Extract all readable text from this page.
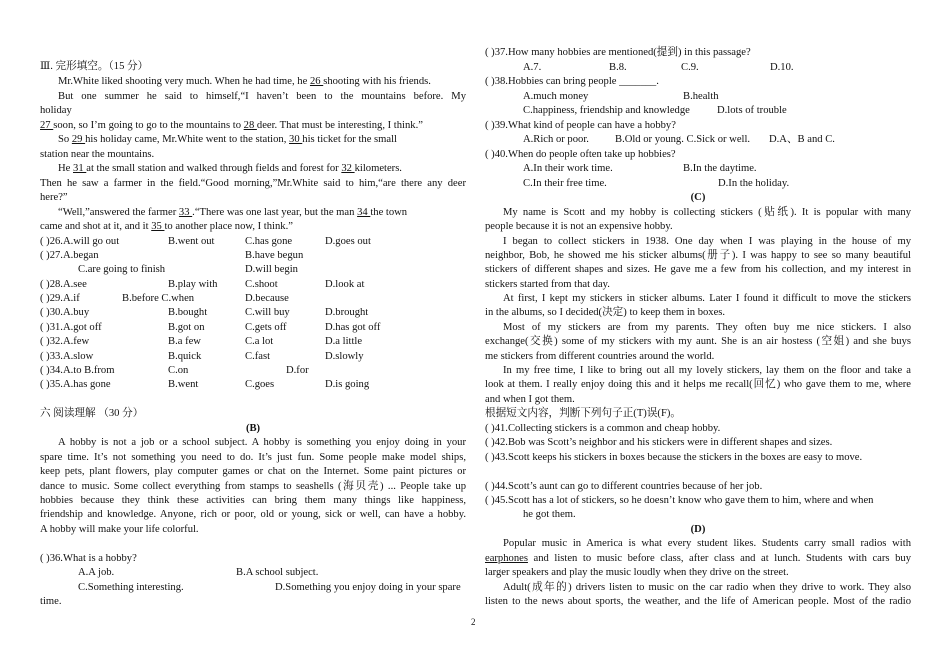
Ⅲ. 完形填空。（15 分）
Mr.White liked shooting very much. When he had time, he 26 shooting with his friends.
But one summer he said to himself,“I haven’t been to the mountains before. My
holiday
27 soon, so I’m going to go to the mountains to 28 deer. That must be interesting, I think.”
So 29 his holiday came, Mr.White went to the station, 30 his ticket for the small
station near the mountains.
He 31 at the small station and walked through fields and forest for 32 kilometers.
Then he saw a farmer in the field.“Good morning,”Mr.White said to him,“are there any deer
here?”
“Well,”answered the farmer 33 .“There was one last year, but the man 34 the town
came and shot at it, and it 35 to another place now, I think.”
( )26.A.will go out	B.went out	C.has gone	D.goes out
( )27.A.began	B.have begun
C.are going to finish	D.will begin
( )28.A.see	B.play with	C.shoot	D.look at
( )29.A.if	B.before C.when	D.because
( )30.A.buy	B.bought	C.will buy	D.brought
( )31.A.got off	B.got on	C.gets off	D.has got off
( )32.A.few	B.a few	C.a lot	D.a little
( )33.A.slow	B.quick	C.fast	D.slowly
( )34.A.to B.from	C.on	D.for
( )35.A.has gone	B.went	C.goes	D.is going
六 阅读理解 （30 分）
(B)
A hobby is not a job or a school subject. A hobby is something you enjoy doing in your
spare time. It’s not something you need to do. It’s just fun. Some people make model ships,
keep pets, plant flowers, play computer games or chat on the Internet. Some paint pictures or
dance to music. Some collect everything from stamps to seashells (海贝壳) ... People take up
hobbies because they think these activities can bring them many things like happiness,
friendship and knowledge. Anyone, rich or poor, old or young, sick or well, can have a hobby.
A hobby will make your life colorful.
( )36.What is a hobby?
A.A job.	B.A school subject.
C.Something interesting.	D.Something you enjoy doing in your spare
time.
( )37.How many hobbies are mentioned(提到) in this passage?
A.7.	B.8.	C.9.	D.10.
( )38.Hobbies can bring people _______.
A.much money	B.health
C.happiness, friendship and knowledge	D.lots of trouble
( )39.What kind of people can have a hobby?
A.Rich or poor. B.Old or young. C.Sick or well. D.A、B and C.
( )40.When do people often take up hobbies?
A.In their work time.	B.In the daytime.
C.In their free time.	D.In the holiday.
(C)
My name is Scott and my hobby is collecting stickers (贴纸). It is popular with many
people because it is not an expensive hobby.
I began to collect stickers in 1938. One day when I was playing in the house of my
neighbor, Bob, he showed me his sticker albums(册子). I was happy to see so many beautiful
stickers of different shapes and sizes. He gave me a few from his collection, and my interest in
stickers started from that day.
At first, I kept my stickers in sticker albums. Later I found it difficult to move the stickers
in the albums, so I decided(决定) to keep them in boxes.
Most of my stickers are from my parents. They often buy me nice stickers. I also
exchange(交换) some of my stickers with my aunt. She is an air hostess (空姐) and she buys
me stickers from different countries around the world.
In my free time, I like to bring out all my lovely stickers, lay them on the floor and take a
look at them. I really enjoy doing this and it helps me recall(回忆) who gave them to me, where
and when I got them.
根据短文内容，判断下列句子正(T)误(F)。
( )41.Collecting stickers is a common and cheap hobby.
( )42.Bob was Scott’s neighbor and his stickers were in different shapes and sizes.
( )43.Scott keeps his stickers in boxes because the stickers in the boxes are easy to move.
( )44.Scott’s aunt can go to different countries because of her job.
( )45.Scott has a lot of stickers, so he doesn’t know who gave them to him, where and when
he got them.
(D)
Popular music in America is what every student likes. Students carry small radios with
earphones and listen to music before class, after class and at lunch. Students with cars buy
larger speakers and play the music loudly when they drive on the street.
Adult(成年的) drivers listen to music on the car radio when they drive to work. They also
listen to the news about sports, the weather, and the life of American people. Most of the radio
2
